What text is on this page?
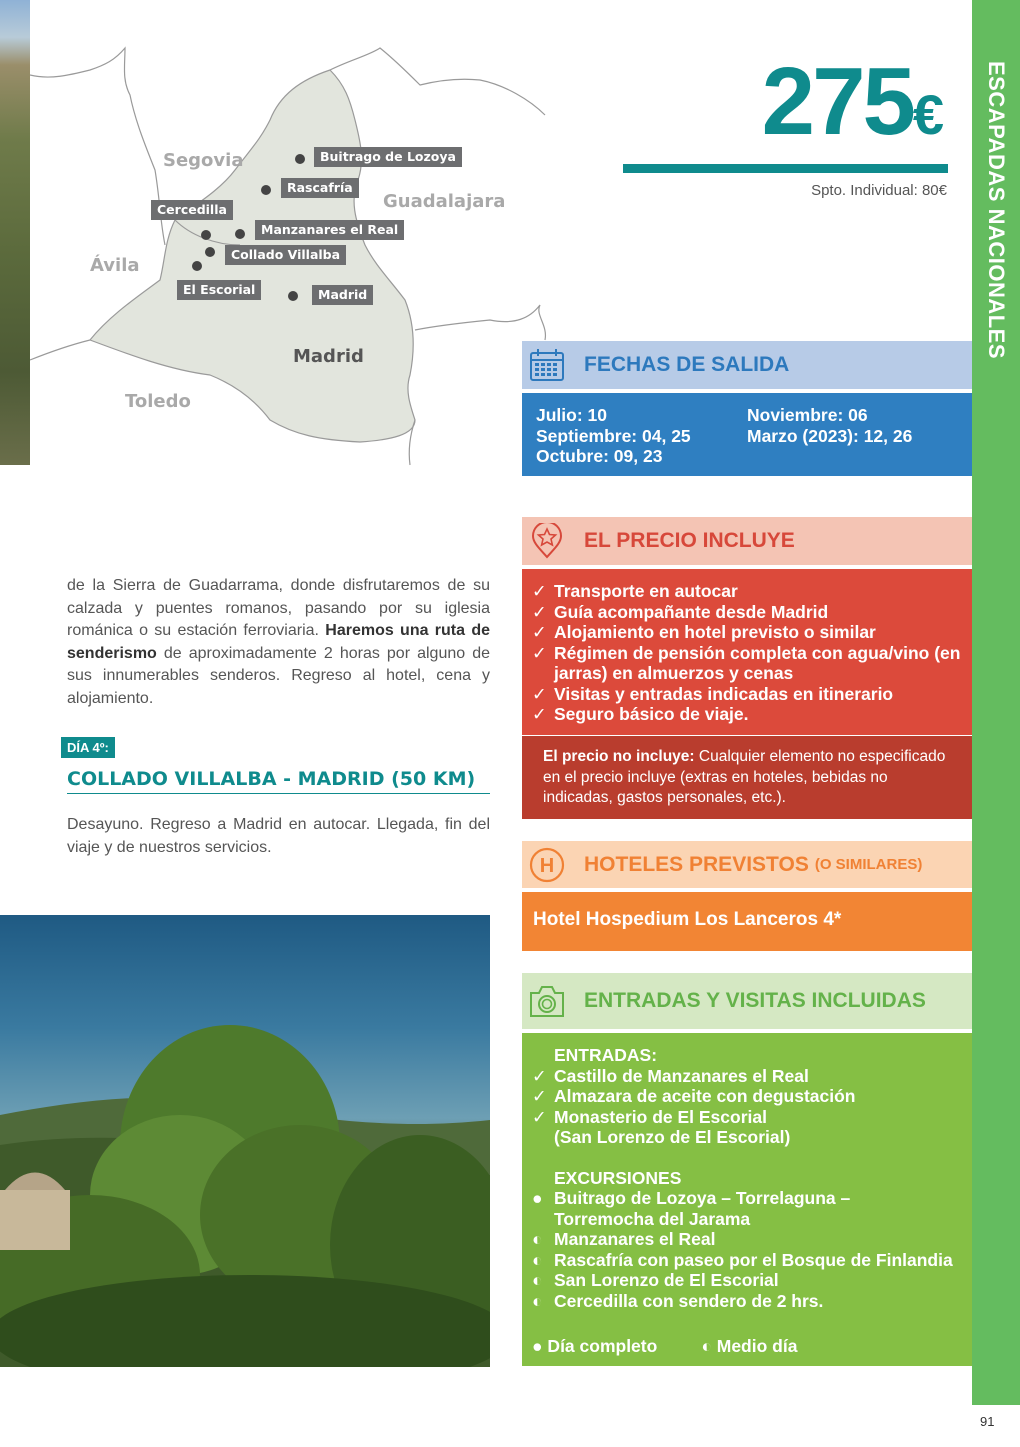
Segovia
Guadalajara
Ávila
Toledo
Madrid
Buitrago de Lozoya
Rascafría
Cercedilla
Manzanares el Real
Collado Villalba
El Escorial	Madrid
275€
Spto. Individual: 80€ ESCAPADAS NACIONALES
91
FECHAS DE SALIDA
Julio: 10
Septiembre: 04, 25
Octubre: 09, 23
Noviembre: 06
Marzo (2023): 12, 26
EL PRECIO INCLUYE
✓ Transporte en autocar
✓ Guía acompañante desde Madrid
✓ Alojamiento en hotel previsto o similar
✓ Régimen de pensión completa con agua/vino (en jarras) en almuerzos y cenas
✓ Visitas y entradas indicadas en itinerario
✓ Seguro básico de viaje.
El precio no incluye: Cualquier elemento no especificado en el precio incluye (extras en hoteles, bebidas no indicadas, gastos personales, etc.).
H HOTELES PREVISTOS (O SIMILARES)
Hotel Hospedium Los Lanceros 4*
ENTRADAS Y VISITAS INCLUIDAS
ENTRADAS:
✓ Castillo de Manzanares el Real
✓ Almazara de aceite con degustación
✓ Monasterio de El Escorial (San Lorenzo de El Escorial)
EXCURSIONES
● Buitrago de Lozoya – Torrelaguna – Torremocha del Jarama
◐ Manzanares el Real
◐ Rascafría con paseo por el Bosque de Finlandia
◐ San Lorenzo de El Escorial
◐ Cercedilla con sendero de 2 hrs.
● Día completo	◐ Medio día
de la Sierra de Guadarrama, donde disfrutaremos de su calzada y puentes romanos, pasando por su iglesia románica o su estación ferroviaria. Haremos una ruta de senderismo de aproximadamente 2 horas por alguno de sus innumerables senderos. Regreso al hotel, cena y alojamiento.
DÍA 4º:
COLLADO VILLALBA - MADRID (50 KM)
Desayuno. Regreso a Madrid en autocar. Llegada, fin del viaje y de nuestros servicios.
